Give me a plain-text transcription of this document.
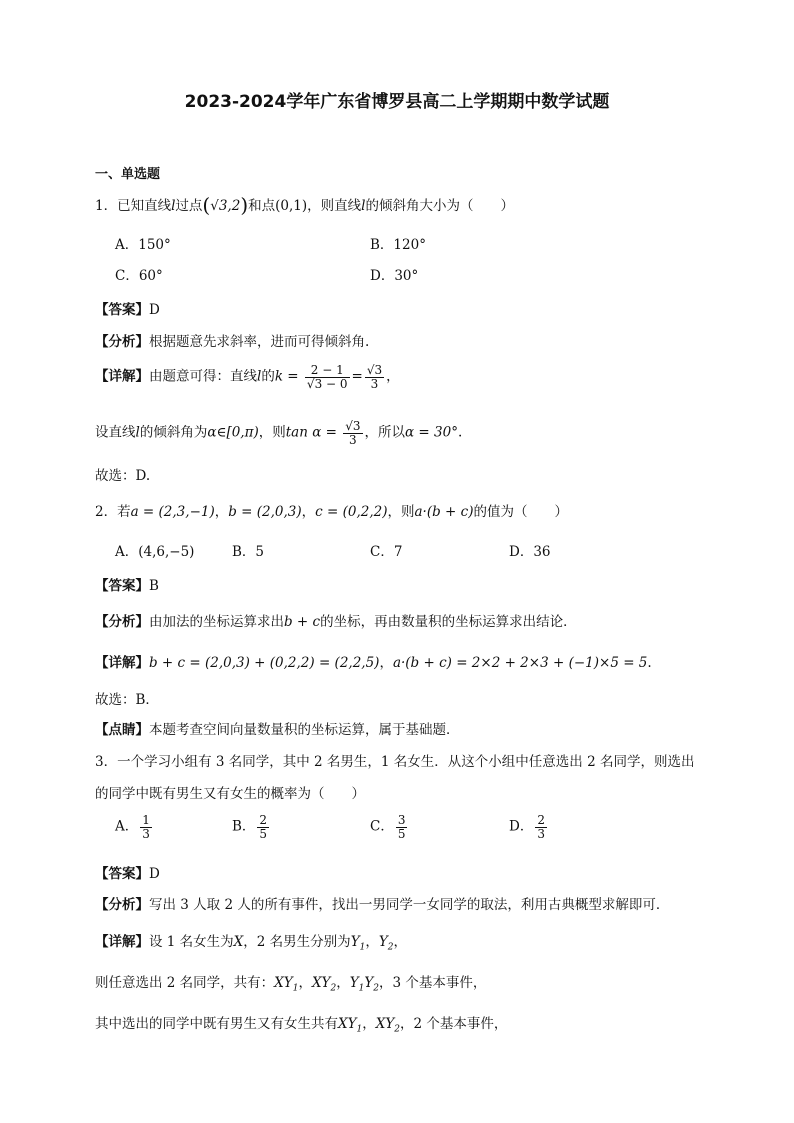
2023-2024学年广东省博罗县高二上学期期中数学试题
一、单选题
1．已知直线l过点(√3,2)和点(0,1)，则直线l的倾斜角大小为（　　）
A．150°	B．120°
C．60°	D．30°
【答案】D
【分析】根据题意先求斜率，进而可得倾斜角.
【详解】由题意可得：直线l的$k = \frac{2 - 1}{√3 - 0} = \frac{√3}{3}$ ，
设直线l的倾斜角为α∈[0,π)，则$\tan \alpha = \frac{√3}{3}$ ，所以α = 30°.
故选：D.
2．若a = (2,3,−1)，b = (2,0,3)，c = (0,2,2)，则a·(b + c)的值为（　　）
A．(4,6,−5)	B．5	C．7	D．36
【答案】B
【分析】由加法的坐标运算求出b + c的坐标，再由数量积的坐标运算求出结论．
【详解】b + c = (2,0,3) + (0,2,2) = (2,2,5)，a·(b + c) = 2×2 + 2×3 + (−1)×5 = 5.
故选：B．
【点睛】本题考查空间向量数量积的坐标运算，属于基础题．
3．一个学习小组有 3 名同学，其中 2 名男生，1 名女生．从这个小组中任意选出 2 名同学，则选出
的同学中既有男生又有女生的概率为（　　）
A． $\frac{1}{3}$	B． $\frac{2}{5}$	C． $\frac{3}{5}$	D． $\frac{2}{3}$
【答案】D
【分析】写出 3 人取 2 人的所有事件，找出一男同学一女同学的取法，利用古典概型求解即可．
【详解】设 1 名女生为X，2 名男生分别为$Y_1$，$Y_2$，
则任意选出 2 名同学，共有：$XY_1$，$XY_2$，$Y_1Y_2$，3 个基本事件，
其中选出的同学中既有男生又有女生共有$XY_1$，$XY_2$，2 个基本事件，
